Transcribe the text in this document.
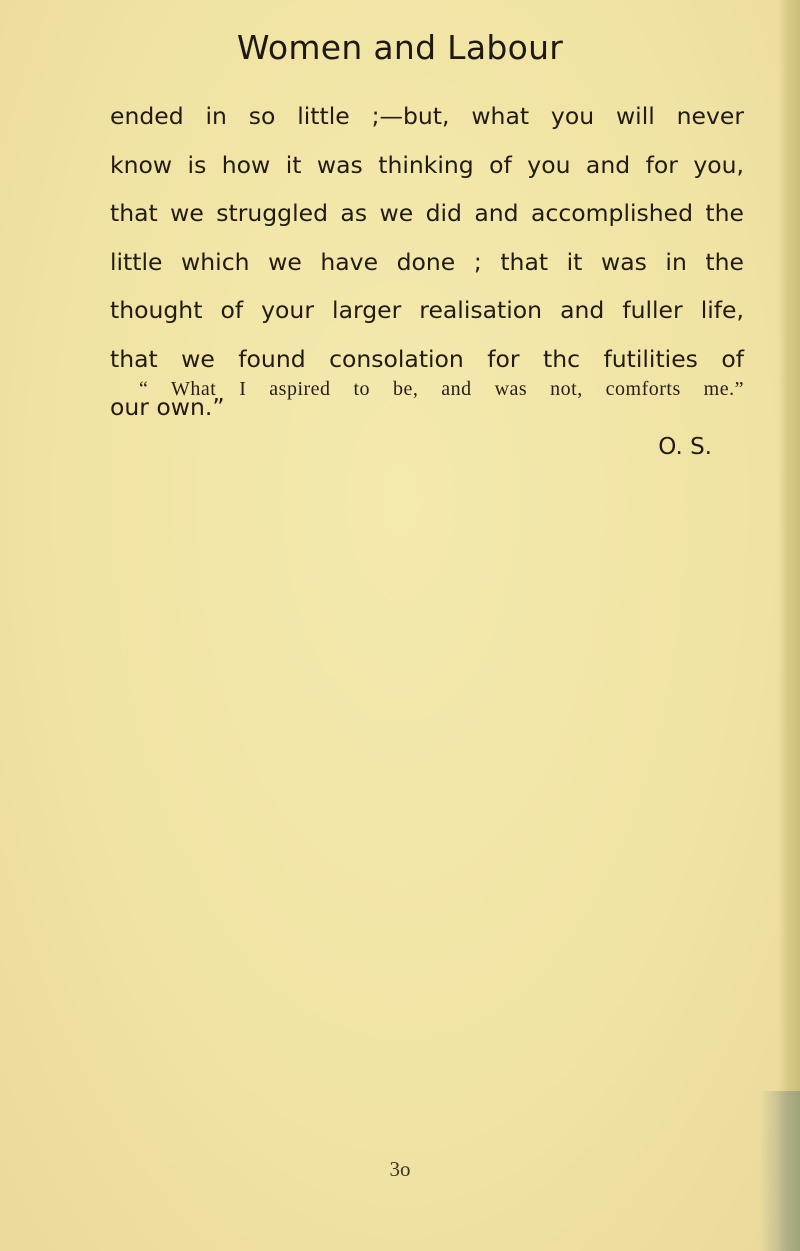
Women and Labour
ended in so little ;—but, what you will never
know is how it was thinking of you and for you,
that we struggled as we did and accomplished the
little which we have done ; that it was in the
thought of your larger realisation and fuller life,
that we found consolation for thc futilities of
our own.”
“ What I aspired to be, and was not, comforts me.”
O. S.
3o
